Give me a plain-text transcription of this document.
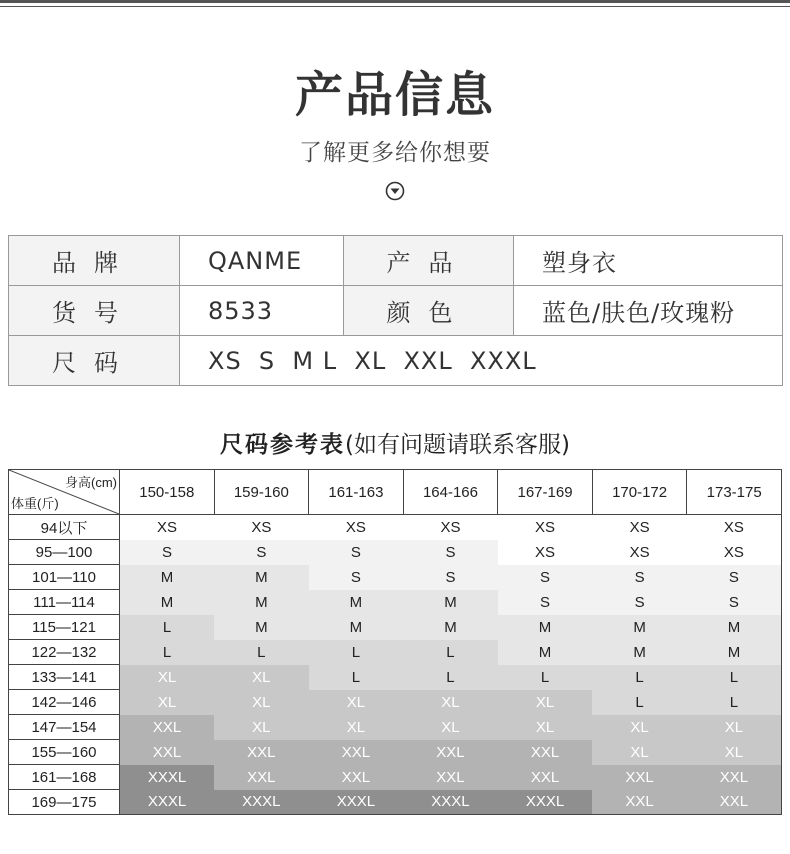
产品信息
了解更多给你想要
品牌	QANME	产品	塑身衣
货号	8533	颜色	蓝色/肤色/玫瑰粉
尺码	XS  S  M L  XL  XXL  XXXL		
尺码参考表(如有问题请联系客服)
身高(cm)
体重(斤)	150-158	159-160	161-163	164-166	167-169	170-172	173-175
94以下	XS	XS	XS	XS	XS	XS	XS
95—100	S	S	S	S	XS	XS	XS
101—110	M	M	S	S	S	S	S
111—114	M	M	M	M	S	S	S
115—121	L	M	M	M	M	M	M
122—132	L	L	L	L	M	M	M
133—141	XL	XL	L	L	L	L	L
142—146	XL	XL	XL	XL	XL	L	L
147—154	XXL	XL	XL	XL	XL	XL	XL
155—160	XXL	XXL	XXL	XXL	XXL	XL	XL
161—168	XXXL	XXL	XXL	XXL	XXL	XXL	XXL
169—175	XXXL	XXXL	XXXL	XXXL	XXXL	XXL	XXL
